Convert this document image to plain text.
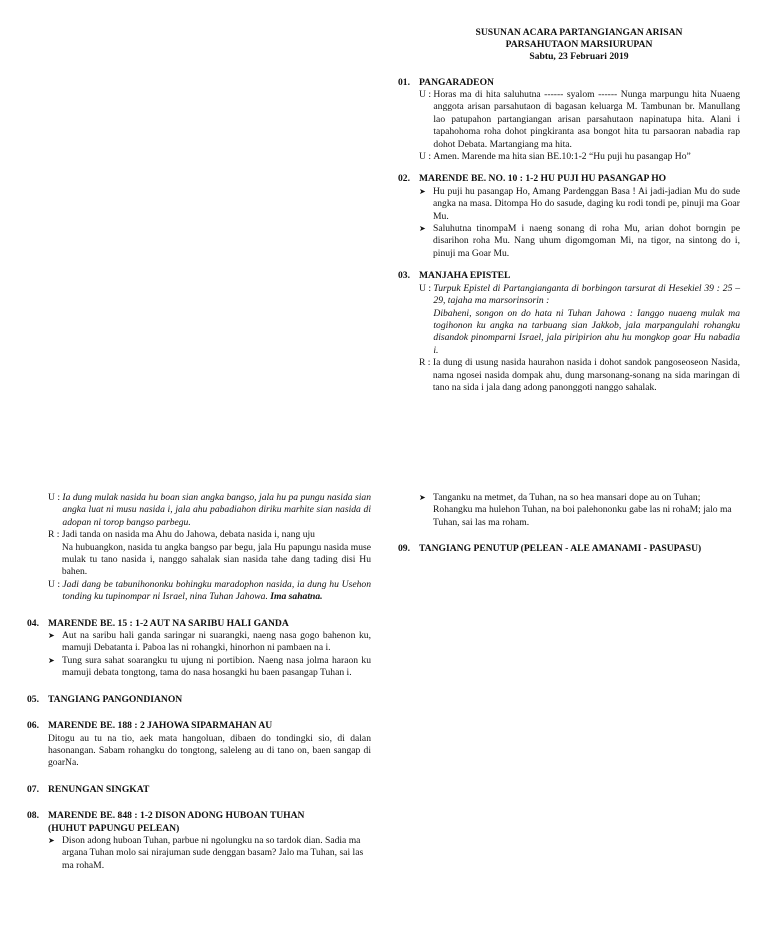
SUSUNAN ACARA PARTANGIANGAN ARISAN
PARSAHUTAON MARSIURUPAN
Sabtu, 23 Februari 2019
01. PANGARADEON
U : Horas ma di hita saluhutna ------ syalom ------ Nunga marpungu hita Nuaeng anggota arisan parsahutaon di bagasan keluarga M. Tambunan br. Manullang lao patupahon partangiangan arisan parsahutaon napinatupa hita. Alani i tapahohoma roha dohot pingkiranta asa bongot hita tu parsaoran nabadia rap dohot Debata. Martangiang ma hita.
U : Amen. Marende ma hita sian BE.10:1-2 “Hu puji hu pasangap Ho”
02. MARENDE BE. NO. 10 : 1-2 HU PUJI HU PASANGAP HO
➤ Hu puji hu pasangap Ho, Amang Pardenggan Basa ! Ai jadi-jadian Mu do sude angka na masa. Ditompa Ho do sasude, daging ku rodi tondi pe, pinuji ma Goar Mu.
➤ Saluhutna tinompaM i naeng sonang di roha Mu, arian dohot borngin pe disarihon roha Mu. Nang uhum digomgoman Mi, na tigor, na sintong do i, pinuji ma Goar Mu.
03. MANJAHA EPISTEL
U : Turpuk Epistel di Partangianganta di borbingon tarsurat di Hesekiel 39 : 25 – 29, tajaha ma marsorinsorin :
Dibaheni, songon on do hata ni Tuhan Jahowa : Ianggo nuaeng mulak ma togihonon ku angka na tarbuang sian Jakkob, jala marpangulahi rohangku disandok pinomparni Israel, jala piripirion ahu hu mongkop goar Hu nabadia i.
R : Ia dung di usung nasida haurahon nasida i dohot sandok pangoseoseon Nasida, nama ngosei nasida dompak ahu, dung marsonang-sonang na sida maringan di tano na sida i jala dang adong panonggoti nanggo sahalak.
U : Ia dung mulak nasida hu boan sian angka bangso, jala hu pa pungu nasida sian angka luat ni musu nasida i, jala ahu pabadiahon diriku marhite sian nasida di adopan ni torop bangso parbegu.
R : Jadi tanda on nasida ma Ahu do Jahowa, debata nasida i, nang uju
Na hubuangkon, nasida tu angka bangso par begu, jala Hu papungu nasida muse mulak tu tano nasida i, nanggo sahalak sian nasida tahe dang tading disi Hu bahen.
U : Jadi dang be tabunihononku bohingku maradophon nasida, ia dung hu Usehon tonding ku tupinompar ni Israel, nina Tuhan Jahowa. Ima sahatna.
04. MARENDE BE. 15 : 1-2 AUT NA SARIBU HALI GANDA
➤ Aut na saribu hali ganda saringar ni suarangki, naeng nasa gogo bahenon ku, mamuji Debatanta i. Paboa las ni rohangki, hinorhon ni pambaen na i.
➤ Tung sura sahat soarangku tu ujung ni portibion. Naeng nasa jolma haraon ku mamuji debata tongtong, tama do nasa hosangki hu baen pasangap Tuhan i.
05. TANGIANG PANGONDIANON
06. MARENDE BE. 188 : 2 JAHOWA SIPARMAHAN AU
Ditogu au tu na tio, aek mata hangoluan, dibaen do tondingki sio, di dalan hasonangan. Sabam rohangku do tongtong, saleleng au di tano on, baen sangap di goarNa.
07. RENUNGAN SINGKAT
08. MARENDE BE. 848 : 1-2 DISON ADONG HUBOAN TUHAN
(HUHUT PAPUNGU PELEAN)
➤ Dison adong huboan Tuhan, parbue ni ngolungku na so tardok dian. Sadia ma argana Tuhan molo sai nirajuman sude denggan basam? Jalo ma Tuhan, sai las ma rohaM.
➤ Tanganku na metmet, da Tuhan, na so hea mansari dope au on Tuhan; Rohangku ma hulehon Tuhan, na boi palehononku gabe las ni rohaM; jalo ma Tuhan, sai las ma roham.
09. TANGIANG PENUTUP (PELEAN - ALE AMANAMI - PASUPASU)
